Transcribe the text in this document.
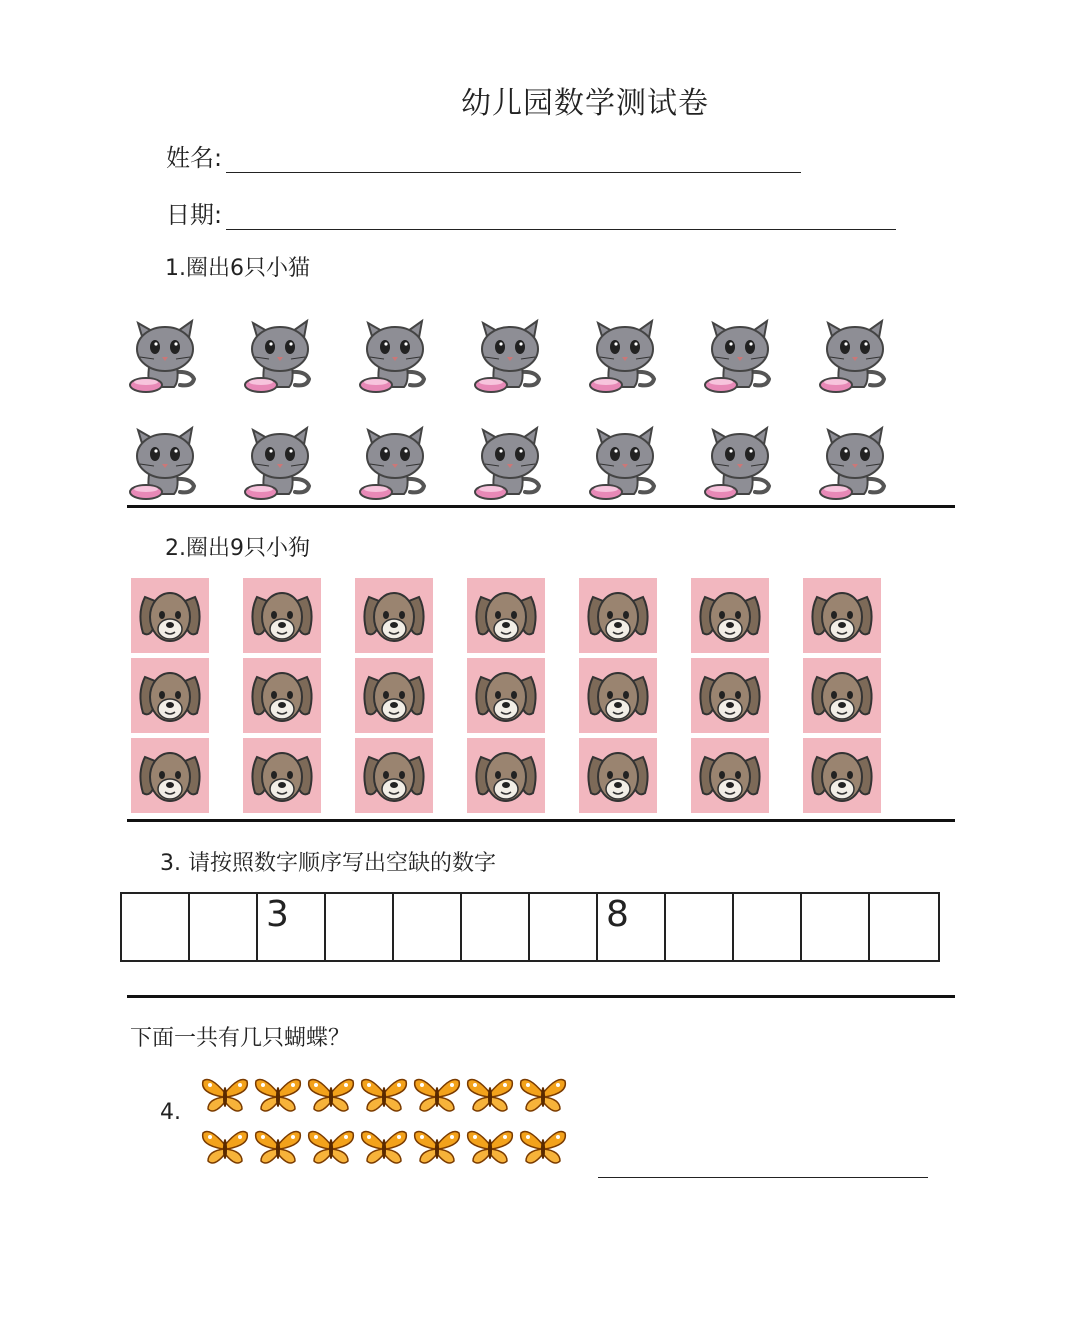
幼儿园数学测试卷
姓名:
日期:
1.圈出6只小猫
2.圈出9只小狗
3. 请按照数字顺序写出空缺的数字
3	8
下面一共有几只蝴蝶？
4.
